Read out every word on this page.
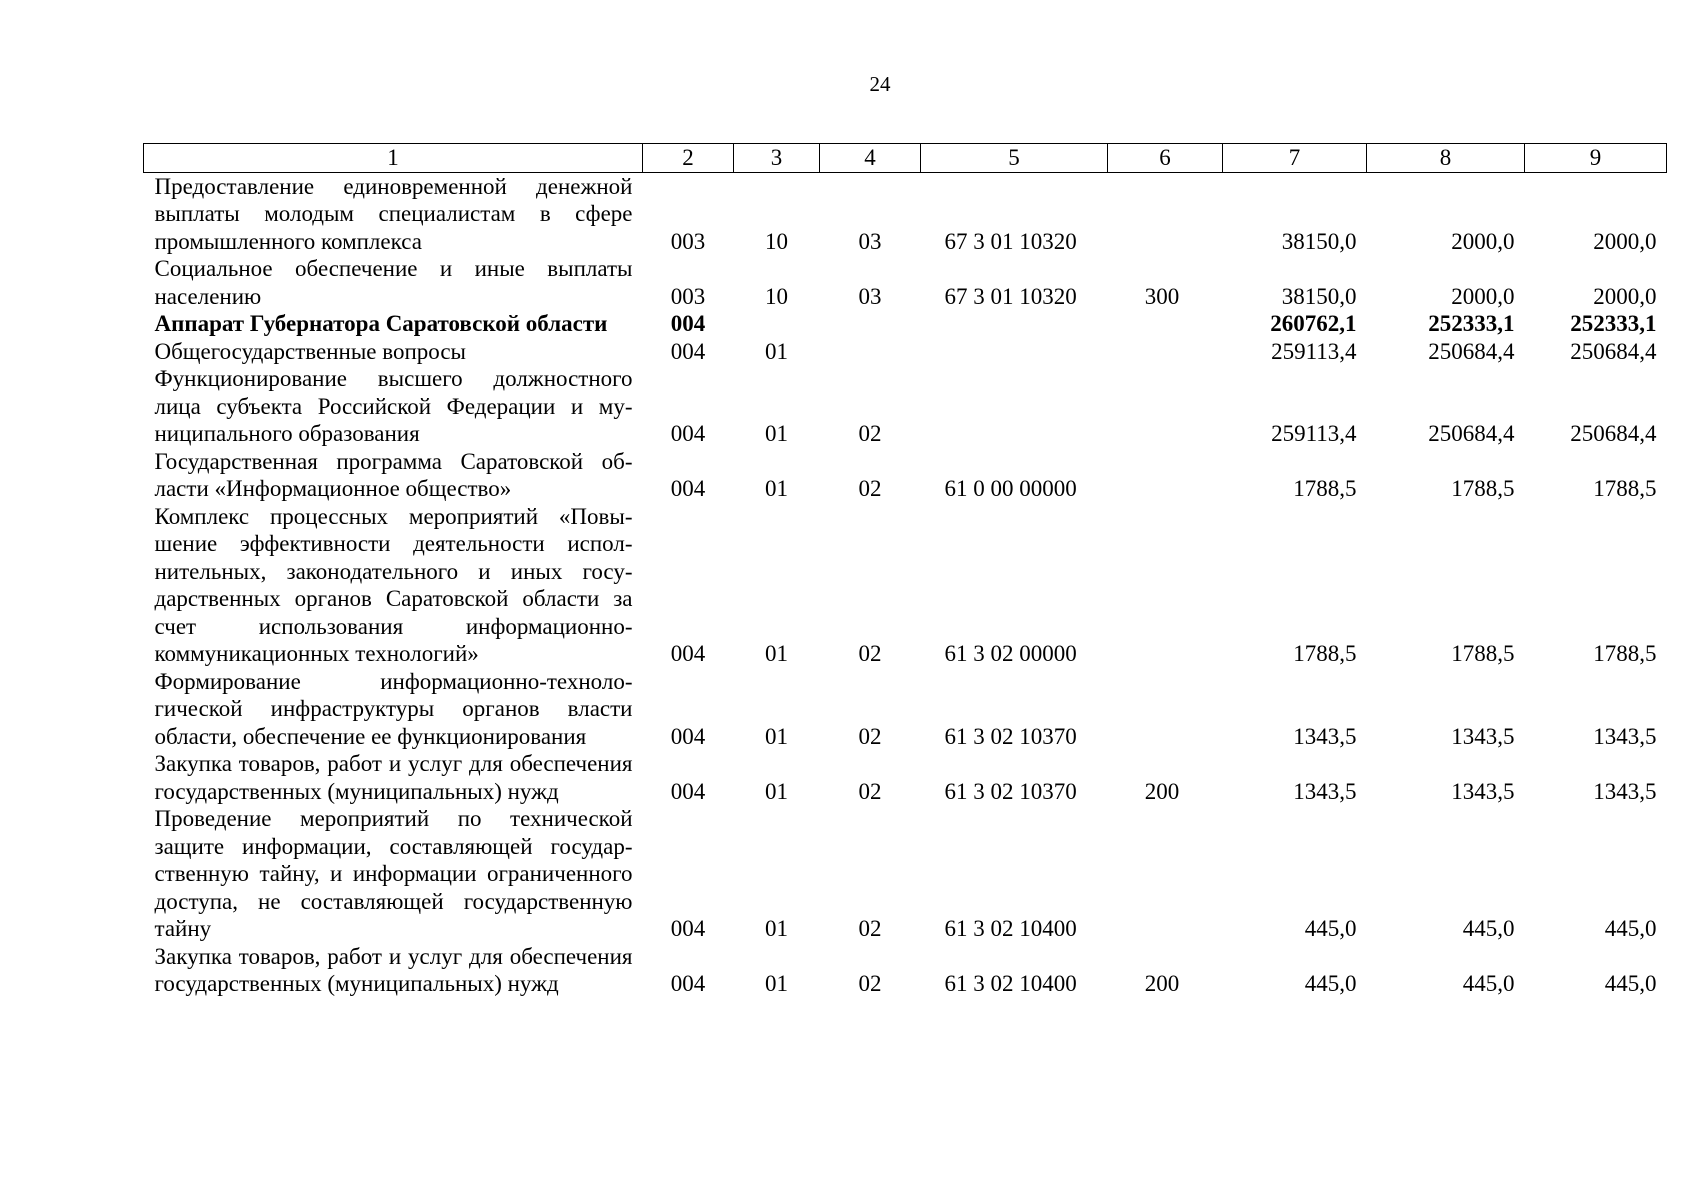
24
1	2	3	4	5	6	7	8	9
Предоставление единовременной денежной выплаты молодым специалистам в сфере промышленного комплекса	003	10	03	67 3 01 10320		38150,0	2000,0	2000,0
Социальное обеспечение и иные выплаты населению	003	10	03	67 3 01 10320	300	38150,0	2000,0	2000,0
Аппарат Губернатора Саратовской области	004					260762,1	252333,1	252333,1
Общегосударственные вопросы	004	01				259113,4	250684,4	250684,4
Функционирование высшего должностного лица субъекта Российской Федерации и муниципального образования	004	01	02			259113,4	250684,4	250684,4
Государственная программа Саратовской области «Информационное общество»	004	01	02	61 0 00 00000		1788,5	1788,5	1788,5
Комплекс процессных мероприятий «Повышение эффективности деятельности исполнительных, законодательного и иных государственных органов Саратовской области за счет использования информационно-коммуникационных технологий»	004	01	02	61 3 02 00000		1788,5	1788,5	1788,5
Формирование информационно-технологической инфраструктуры органов власти области, обеспечение ее функционирования	004	01	02	61 3 02 10370		1343,5	1343,5	1343,5
Закупка товаров, работ и услуг для обеспечения государственных (муниципальных) нужд	004	01	02	61 3 02 10370	200	1343,5	1343,5	1343,5
Проведение мероприятий по технической защите информации, составляющей государственную тайну, и информации ограниченного доступа, не составляющей государственную тайну	004	01	02	61 3 02 10400		445,0	445,0	445,0
Закупка товаров, работ и услуг для обеспечения государственных (муниципальных) нужд	004	01	02	61 3 02 10400	200	445,0	445,0	445,0
